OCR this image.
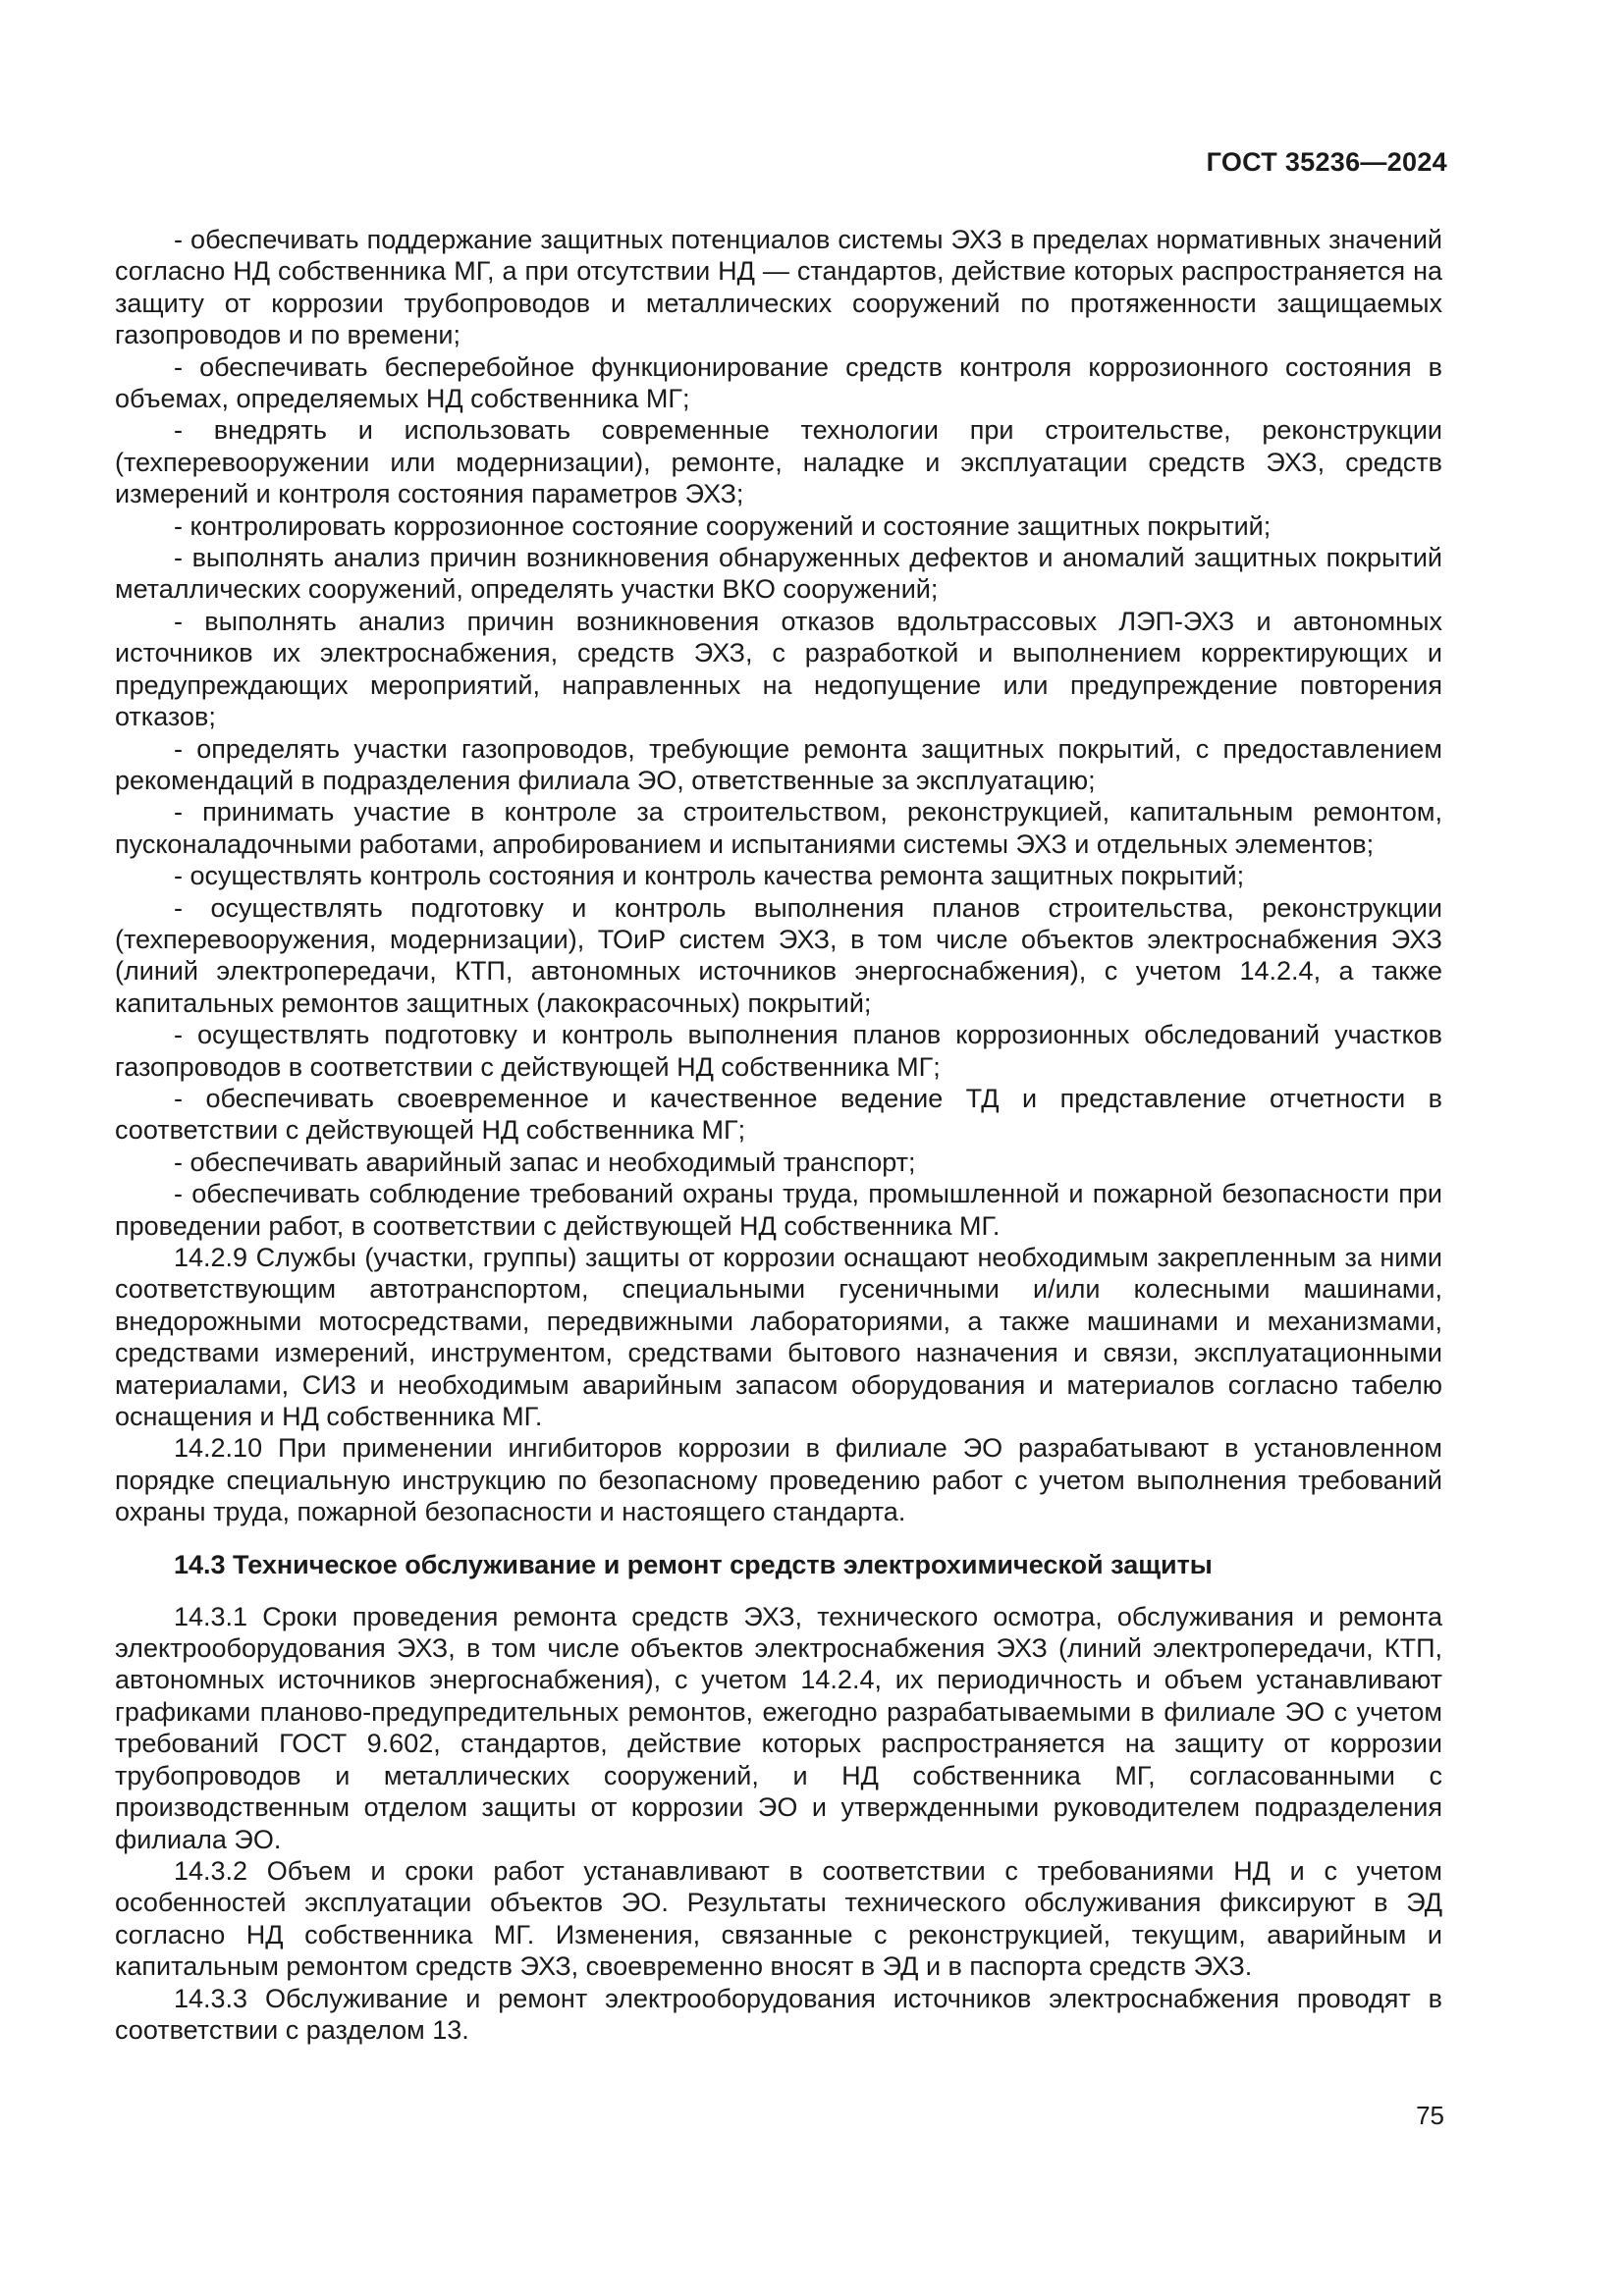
ГОСТ 35236—2024

- обеспечивать поддержание защитных потенциалов системы ЭХЗ в пределах нормативных значений согласно НД собственника МГ, а при отсутствии НД — стандартов, действие которых распространяется на защиту от коррозии трубопроводов и металлических сооружений по протяженности защищаемых газопроводов и по времени;

- обеспечивать бесперебойное функционирование средств контроля коррозионного состояния в объемах, определяемых НД собственника МГ;

- внедрять и использовать современные технологии при строительстве, реконструкции (техперевооружении или модернизации), ремонте, наладке и эксплуатации средств ЭХЗ, средств измерений и контроля состояния параметров ЭХЗ;

- контролировать коррозионное состояние сооружений и состояние защитных покрытий;

- выполнять анализ причин возникновения обнаруженных дефектов и аномалий защитных покрытий металлических сооружений, определять участки ВКО сооружений;

- выполнять анализ причин возникновения отказов вдольтрассовых ЛЭП-ЭХЗ и автономных источников их электроснабжения, средств ЭХЗ, с разработкой и выполнением корректирующих и предупреждающих мероприятий, направленных на недопущение или предупреждение повторения отказов;

- определять участки газопроводов, требующие ремонта защитных покрытий, с предоставлением рекомендаций в подразделения филиала ЭО, ответственные за эксплуатацию;

- принимать участие в контроле за строительством, реконструкцией, капитальным ремонтом, пусконаладочными работами, апробированием и испытаниями системы ЭХЗ и отдельных элементов;

- осуществлять контроль состояния и контроль качества ремонта защитных покрытий;

- осуществлять подготовку и контроль выполнения планов строительства, реконструкции (техперевооружения, модернизации), ТОиР систем ЭХЗ, в том числе объектов электроснабжения ЭХЗ (линий электропередачи, КТП, автономных источников энергоснабжения), с учетом 14.2.4, а также капитальных ремонтов защитных (лакокрасочных) покрытий;

- осуществлять подготовку и контроль выполнения планов коррозионных обследований участков газопроводов в соответствии с действующей НД собственника МГ;

- обеспечивать своевременное и качественное ведение ТД и представление отчетности в соответствии с действующей НД собственника МГ;

- обеспечивать аварийный запас и необходимый транспорт;

- обеспечивать соблюдение требований охраны труда, промышленной и пожарной безопасности при проведении работ, в соответствии с действующей НД собственника МГ.

14.2.9 Службы (участки, группы) защиты от коррозии оснащают необходимым закрепленным за ними соответствующим автотранспортом, специальными гусеничными и/или колесными машинами, внедорожными мотосредствами, передвижными лабораториями, а также машинами и механизмами, средствами измерений, инструментом, средствами бытового назначения и связи, эксплуатационными материалами, СИЗ и необходимым аварийным запасом оборудования и материалов согласно табелю оснащения и НД собственника МГ.

14.2.10 При применении ингибиторов коррозии в филиале ЭО разрабатывают в установленном порядке специальную инструкцию по безопасному проведению работ с учетом выполнения требований охраны труда, пожарной безопасности и настоящего стандарта.

14.3 Техническое обслуживание и ремонт средств электрохимической защиты

14.3.1 Сроки проведения ремонта средств ЭХЗ, технического осмотра, обслуживания и ремонта электрооборудования ЭХЗ, в том числе объектов электроснабжения ЭХЗ (линий электропередачи, КТП, автономных источников энергоснабжения), с учетом 14.2.4, их периодичность и объем устанавливают графиками планово-предупредительных ремонтов, ежегодно разрабатываемыми в филиале ЭО с учетом требований ГОСТ 9.602, стандартов, действие которых распространяется на защиту от коррозии трубопроводов и металлических сооружений, и НД собственника МГ, согласованными с производственным отделом защиты от коррозии ЭО и утвержденными руководителем подразделения филиала ЭО.

14.3.2 Объем и сроки работ устанавливают в соответствии с требованиями НД и с учетом особенностей эксплуатации объектов ЭО. Результаты технического обслуживания фиксируют в ЭД согласно НД собственника МГ. Изменения, связанные с реконструкцией, текущим, аварийным и капитальным ремонтом средств ЭХЗ, своевременно вносят в ЭД и в паспорта средств ЭХЗ.

14.3.3 Обслуживание и ремонт электрооборудования источников электроснабжения проводят в соответствии с разделом 13.

75
